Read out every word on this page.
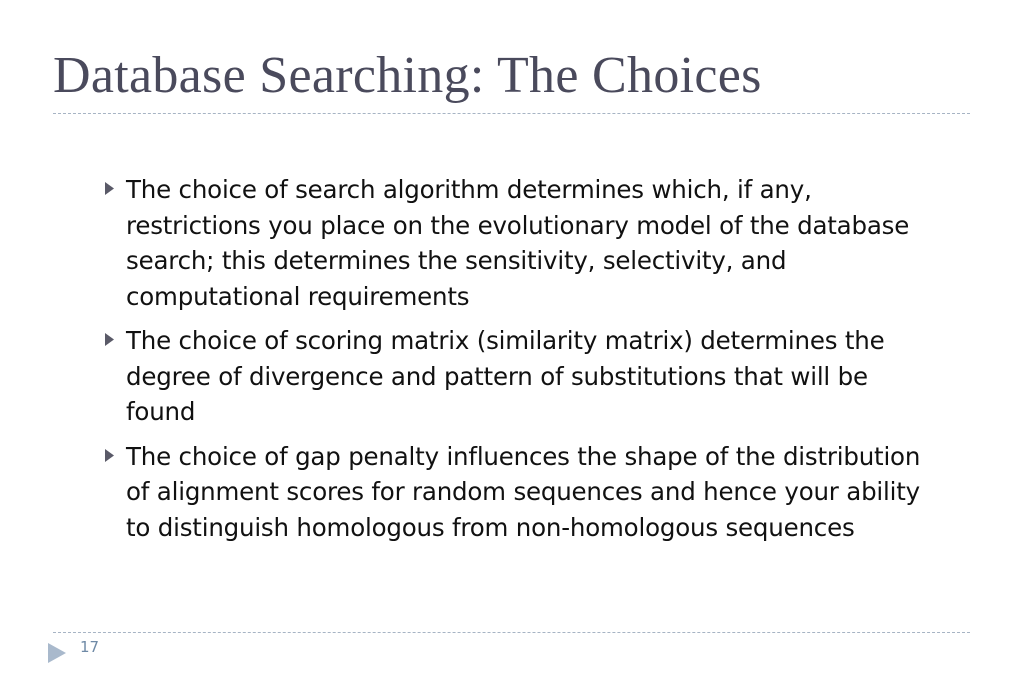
Database Searching: The Choices
The choice of search algorithm determines which, if any, restrictions you place on the evolutionary model of the database search; this determines the sensitivity, selectivity, and computational requirements
The choice of scoring matrix (similarity matrix) determines the degree of divergence and pattern of substitutions that will be found
The choice of gap penalty influences the shape of the distribution of alignment scores for random sequences and hence your ability to distinguish homologous from non-homologous sequences
17
